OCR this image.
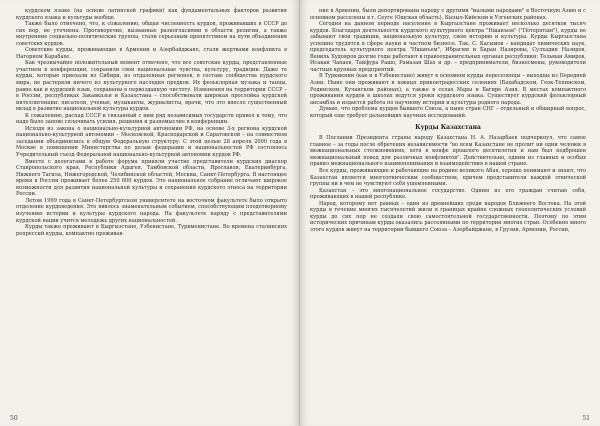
курдском языке (на основе латинской графики) как фундаментальных факторов развития курдского языка и культуры вообще.

Также было отмечено, что, к сожалению, общая численность курдов, проживавших в СССР до сих пор, не уточнена. Противоречие, вызванные разногласиями в области религии, а также внутренние социально-политические группы, стали серьезным препятствием на пути объединения советских курдов.

Советские курды, проживающие в Армении и Азербайджане, стали жертвами конфликта в Нагорном Карабахе.

Как чрезвычайно положительный момент отмечено, что все советские курды, представленные участием в конференции, сохранили свои национальные чувства, культуру, традиции. Даже те курды, которые приехали из Сибири, из отдаленных регионов, в составе сообщества курдского мира, не растеряли ничего из культурного наследия предков. Их фольклорная музыка и танцы, равно как и курдский язык, сохранены в первозданную чистоту. Изменения на территории СССР – в России, республиках Закавказья и Казахстана – способствовали широкая прослойка курдской интеллигенции: писатели, ученые, музыканты, журналисты, врачи, что это внесло существенный вклад в развитие национальной культуры курдов.

К сожалению, распад СССР и связанный с ним ряд независимых государств привел к тому, что надо было заново сплачивать усилия, решения и разномыслие в конференции.

Исходя из закона о национально-культурной автономии РФ, на основе 3-х региона курдской национально-культурной автономии – Московской, Краснодарской и Саратовской – на совместном заседании объединились в общую Федеральную структуру. С этой целью 28 апреля 2000 года в Москве в помещении Министерства по делам федерации и национальностей РФ состоялось Учредительный съезд Федеральной национально-культурной автономии курдов РФ.

Вместе с делегатами в работе форума приняли участие представители курдских диаспор Ставропольского края, Республики Адыгея, Тамбовской области, Ярославля, Екатеринбурга, Нижнего Тагила, Нижегородской, Челябинской областей, Москвы, Санкт-Петербурга. В настоящее время в России проживает более 250 600 курдов. Это национальное собрание отличают широкое возможности для развития национальной культуры и сохранения курдского этноса на территории России.

Летом 1999 года в Санкт-Петербургском университете на восточном факультете было открыто отделение курдоведения. Это явилось знаменательным событием, способствующим плодотворному изучению истории и культуры курдского народа. На факультете наряду с представителями курдской нации учится молодежь других национальностей.

Курды также проживают в Кыргызстане, Узбекистане, Туркменистане. Во времена сталинских репрессий курды, компактно проживав-

50

ние в Армении, были депортированы народу с другими "малыми народами" в Восточную Азию и с основном расселены в г. Сеуге (Ошская область), Кызыл-Кийском и Узгенских районах.

Сегодня на данном периоде население в Кыргызстане проживает несколько десятков тысяч курдов. Благодаря деятельности курдского культурного центра "Ншанъем" ("Потерятым"), курды не забывают свои традиции, национальную культуру, свою историю и культуры. Курды Кыргызстана успешно трудятся в сфере науки и частном бизнесе. Так, С. Касымов – кандидат химических наук, председатель культурного центра "Ншанъем", Ибрагим и Баран Назировы, Сулхадин Назиров, Вениль Худояров долгие годы работают в правоохранительных органах республики: Тельман Амиров, Исакан Чапаев, Тайфура Рашо, Рамазан Шах и др. – предприниматели, бизнесмены, руководители частных крупных предприятий.

В Туркмении (как и в Узбекистане) живут в основном курды переселенцы – выходцы из Передней Азии. Ныне они проживают в южных приконтрадесских селениях (Бахабадском, Геок-Тепинском, Родинском, Кучанском районах), а также в селах Мары и Багире Азия. В местах компактного проживания курдов в школах ведутся уроки курдского языка. Существует курдский фольклорный ансамбль и издается работа по научному истории и культуры родного народа.

Думаю, что проблема курдов бывшего Союза, а ныне стран СНГ – отдельный и обширный вопрос, который еще требует дальнейших научных исследований.

Курды Казахстана

В Послании Президента страны народу Казахстана Н. А. Назарбаев подчеркнул, что самое главное – за годы после обретения независимости "во всем Казахстане не пролит ни одни человек в межнациональных столкновениях, хотя в конфе прошлого десятилетия и нам был подброшен межнациональный повод для различных конфликтов". Действительно, одним из главных и особых правил межнационального взаимопонимания и взаимодействия в нашей стране.

Все курды, проживающие и работающие на родине великого Абая, хорошо понимают и знают, что Казахстан является многоэтническим сообществом, причем представители каждой этнической группы ни в чем не чувствуют себя ущемленными.

Казахстан – это многонациональное государство. Одним из его граждан считаю себя, проживающих в нашей республике.

Народ, которому нет равных – один из древнейших среди народов Ближнего Востока. На этой курды в течение многих тысячелетий жили в границах крайне сложных геополитических условий курды до сих пор не создали свою самостоятельной государственности. Поэтому по этим исторических причинам курды оказались рассеянными по территории многих стран. Особенно много этого курдов живут на территории бывшего Союза – Азербайджане, в Грузии, Армении, России,

51
